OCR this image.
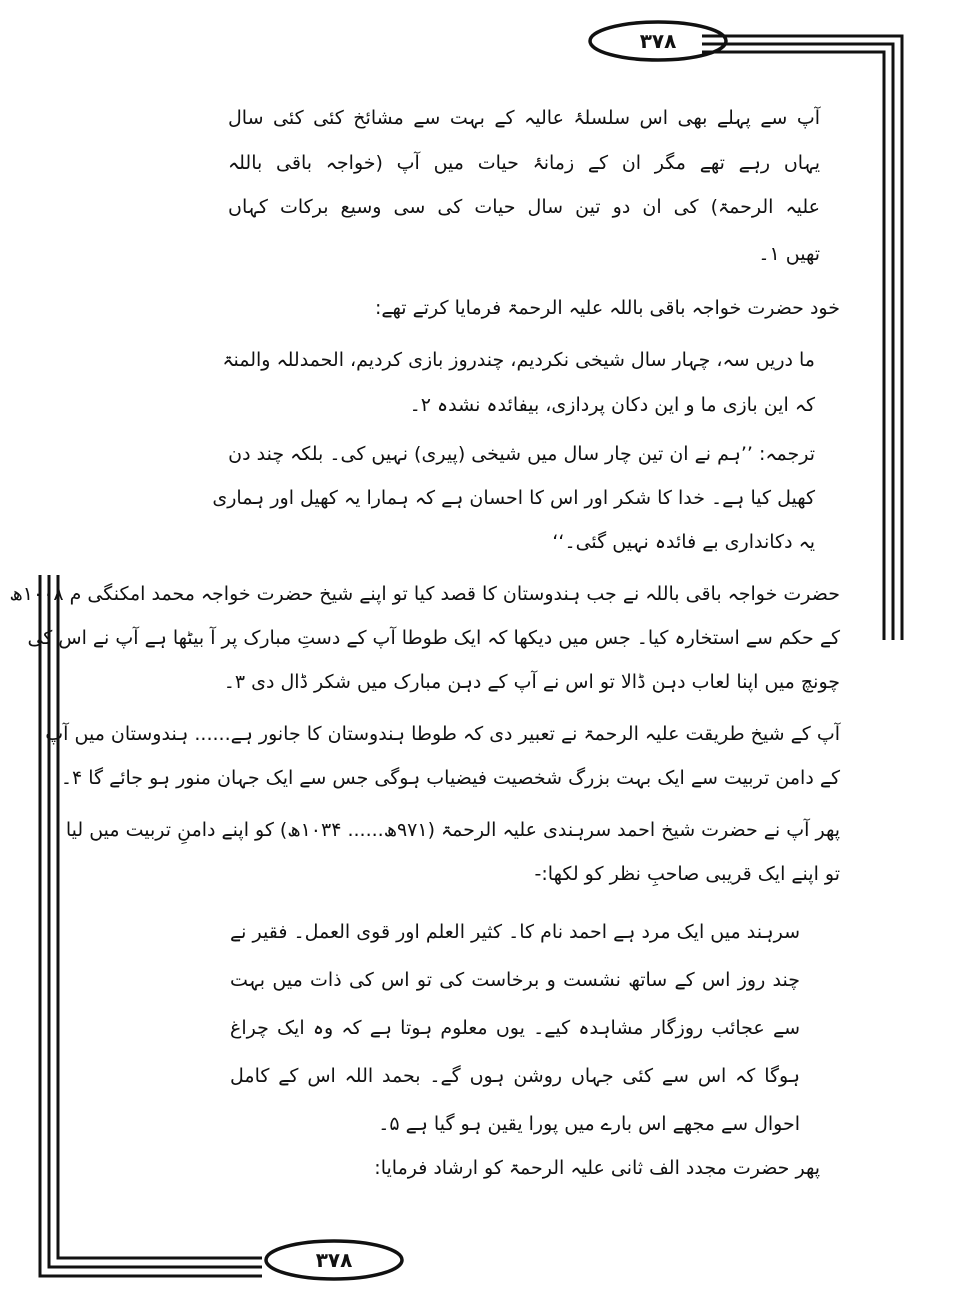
۳۷۸
۳۷۸
آپ سے پہلے بھی اس سلسلۂ عالیہ کے بہت سے مشائخ کئی کئی سال
یہاں رہے تھے مگر ان کے زمانۂ حیات میں آپ (خواجہ باقی باللہ
علیہ الرحمۃ) کی ان دو تین سال حیات کی سی وسیع برکات کہاں
تھیں ۱۔
خود حضرت خواجہ باقی باللہ علیہ الرحمۃ فرمایا کرتے تھے:
ما دریں سہ، چہار سال شیخی نکردیم، چندروز بازی کردیم، الحمدللہ والمنۃ
کہ این بازی ما و این دکان پردازی، بیفائدہ نشدہ ۲۔
ترجمہ: ’’ہم نے ان تین چار سال میں شیخی (پیری) نہیں کی۔ بلکہ چند دن
کھیل کیا ہے۔ خدا کا شکر اور اس کا احسان ہے کہ ہمارا یہ کھیل اور ہماری
یہ دکانداری بے فائدہ نہیں گئی۔‘‘
حضرت خواجہ باقی باللہ نے جب ہندوستان کا قصد کیا تو اپنے شیخ حضرت خواجہ محمد امکنگی م ۱۰۰۸ھ
کے حکم سے استخارہ کیا۔ جس میں دیکھا کہ ایک طوطا آپ کے دستِ مبارک پر آ بیٹھا ہے آپ نے اس کی
چونچ میں اپنا لعاب دہن ڈالا تو اس نے آپ کے دہن مبارک میں شکر ڈال دی ۳۔
آپ کے شیخ طریقت علیہ الرحمۃ نے تعبیر دی کہ طوطا ہندوستان کا جانور ہے...... ہندوستان میں آپ
کے دامن تربیت سے ایک بہت بزرگ شخصیت فیضیاب ہوگی جس سے ایک جہان منور ہو جائے گا ۴۔
پھر آپ نے حضرت شیخ احمد سرہندی علیہ الرحمۃ (۹۷۱ھ...... ۱۰۳۴ھ) کو اپنے دامنِ تربیت میں لیا
تو اپنے ایک قریبی صاحبِ نظر کو لکھا:-
سرہند میں ایک مرد ہے احمد نام کا۔ کثیر العلم اور قوی العمل۔ فقیر نے
چند روز اس کے ساتھ نشست و برخاست کی تو اس کی ذات میں بہت
سے عجائب روزگار مشاہدہ کیے۔ یوں معلوم ہوتا ہے کہ وہ ایک چراغ
ہوگا کہ اس سے کئی جہاں روشن ہوں گے۔ بحمد اللہ اس کے کامل
احوال سے مجھے اس بارے میں پورا یقین ہو گیا ہے ۵۔
پھر حضرت مجدد الف ثانی علیہ الرحمۃ کو ارشاد فرمایا:
